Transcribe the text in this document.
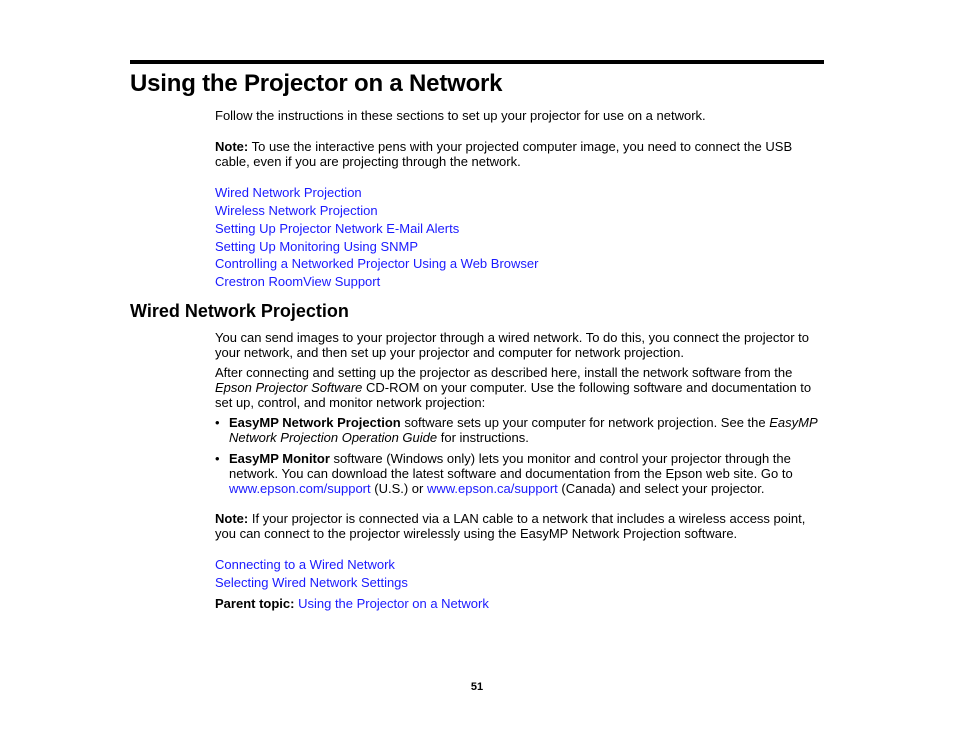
Using the Projector on a Network

Follow the instructions in these sections to set up your projector for use on a network.

Note: To use the interactive pens with your projected computer image, you need to connect the USB cable, even if you are projecting through the network.

Wired Network Projection
Wireless Network Projection
Setting Up Projector Network E-Mail Alerts
Setting Up Monitoring Using SNMP
Controlling a Networked Projector Using a Web Browser
Crestron RoomView Support
Wired Network Projection

You can send images to your projector through a wired network. To do this, you connect the projector to your network, and then set up your projector and computer for network projection.

After connecting and setting up the projector as described here, install the network software from the Epson Projector Software CD-ROM on your computer. Use the following software and documentation to set up, control, and monitor network projection:

• EasyMP Network Projection software sets up your computer for network projection. See the EasyMP Network Projection Operation Guide for instructions.

• EasyMP Monitor software (Windows only) lets you monitor and control your projector through the network. You can download the latest software and documentation from the Epson web site. Go to www.epson.com/support (U.S.) or www.epson.ca/support (Canada) and select your projector.

Note: If your projector is connected via a LAN cable to a network that includes a wireless access point, you can connect to the projector wirelessly using the EasyMP Network Projection software.

Connecting to a Wired Network
Selecting Wired Network Settings

Parent topic: Using the Projector on a Network

51
